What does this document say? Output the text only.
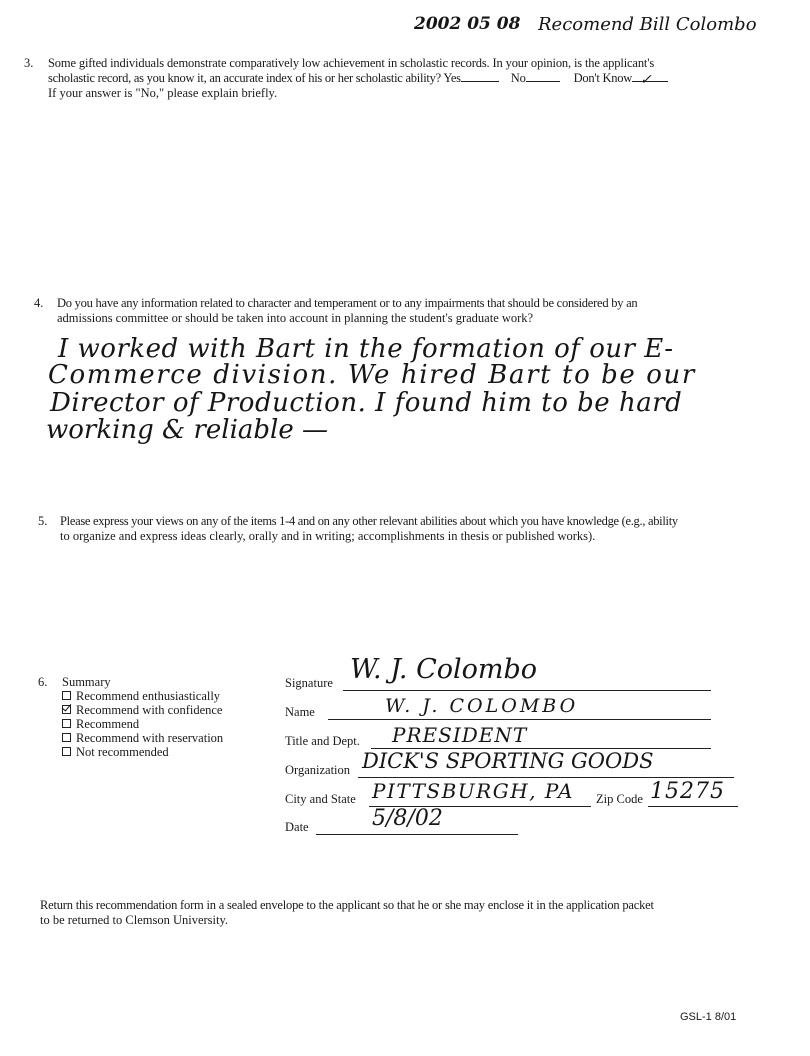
2002 05 08 Recomend Bill Colombo
3.	Some gifted individuals demonstrate comparatively low achievement in scholastic records. In your opinion, is the applicant's
scholastic record, as you know it, an accurate index of his or her scholastic ability? Yes	No	Don't Know ✓
If your answer is "No," please explain briefly.
4.	Do you have any information related to character and temperament or to any impairments that should be considered by an
admissions committee or should be taken into account in planning the student's graduate work?
I worked with Bart in the formation of our E-
Commerce division. We hired Bart to be our
Director of Production. I found him to be hard
working & reliable —
5.	Please express your views on any of the items 1-4 and on any other relevant abilities about which you have knowledge (e.g., ability
to organize and express ideas clearly, orally and in writing; accomplishments in thesis or published works).
6. Summary
Recommend enthusiastically
Recommend with confidence
Recommend
Recommend with reservation
Not recommended
Signature W. J. Colombo
Name	W. J. COLOMBO
Title and Dept. PRESIDENT
Organization DICK'S SPORTING GOODS
City and State PITTSBURGH, PA Zip Code 15275
Date	5/8/02
Return this recommendation form in a sealed envelope to the applicant so that he or she may enclose it in the application packet
to be returned to Clemson University.
GSL-1 8/01
